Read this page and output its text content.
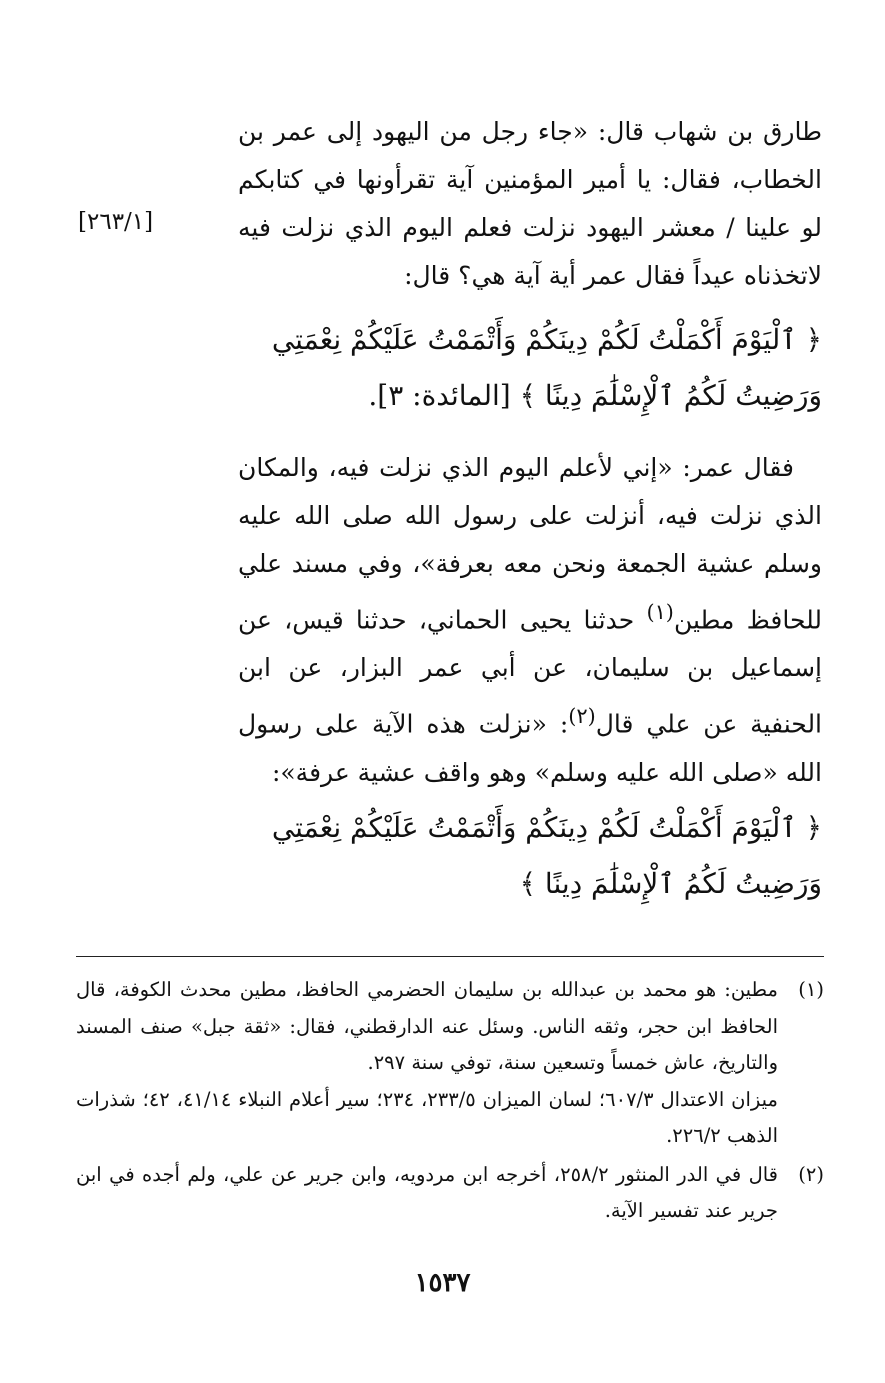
طارق بن شهاب قال: «جاء رجل من اليهود إلى عمر بن الخطاب، فقال: يا أمير المؤمنين آية تقرأونها في كتابكم لو علينا / معشر اليهود نزلت فعلم اليوم الذي نزلت فيه لاتخذناه عيداً فقال عمر أية آية هي؟ قال:

[٢٦٣/١]

﴿ ٱلْيَوْمَ أَكْمَلْتُ لَكُمْ دِينَكُمْ وَأَتْمَمْتُ عَلَيْكُمْ نِعْمَتِي وَرَضِيتُ لَكُمُ ٱلْإِسْلَٰمَ دِينًا ﴾ [المائدة: ٣].

فقال عمر: «إني لأعلم اليوم الذي نزلت فيه، والمكان الذي نزلت فيه، أنزلت على رسول الله صلى الله عليه وسلم عشية الجمعة ونحن معه بعرفة»، وفي مسند علي للحافظ مطين$^{(١)}$ حدثنا يحيى الحماني، حدثنا قيس، عن إسماعيل بن سليمان، عن أبي عمر البزار، عن ابن الحنفية عن علي قال$^{(٢)}$: «نزلت هذه الآية على رسول الله «صلى الله عليه وسلم» وهو واقف عشية عرفة»:

﴿ ٱلْيَوْمَ أَكْمَلْتُ لَكُمْ دِينَكُمْ وَأَتْمَمْتُ عَلَيْكُمْ نِعْمَتِي وَرَضِيتُ لَكُمُ ٱلْإِسْلَٰمَ دِينًا ﴾

(١)

مطين: هو محمد بن عبدالله بن سليمان الحضرمي الحافظ، مطين محدث الكوفة، قال الحافظ ابن حجر، وثقه الناس. وسئل عنه الدارقطني، فقال: «ثقة جبل» صنف المسند والتاريخ، عاش خمساً وتسعين سنة، توفي سنة ٢٩٧.

ميزان الاعتدال ٦٠٧/٣؛ لسان الميزان ٢٣٣/٥، ٢٣٤؛ سير أعلام النبلاء ٤١/١٤، ٤٢؛ شذرات الذهب ٢٢٦/٢.

(٢)

قال في الدر المنثور ٢٥٨/٢، أخرجه ابن مردويه، وابن جرير عن علي، ولم أجده في ابن جرير عند تفسير الآية.

١٥٣٧
